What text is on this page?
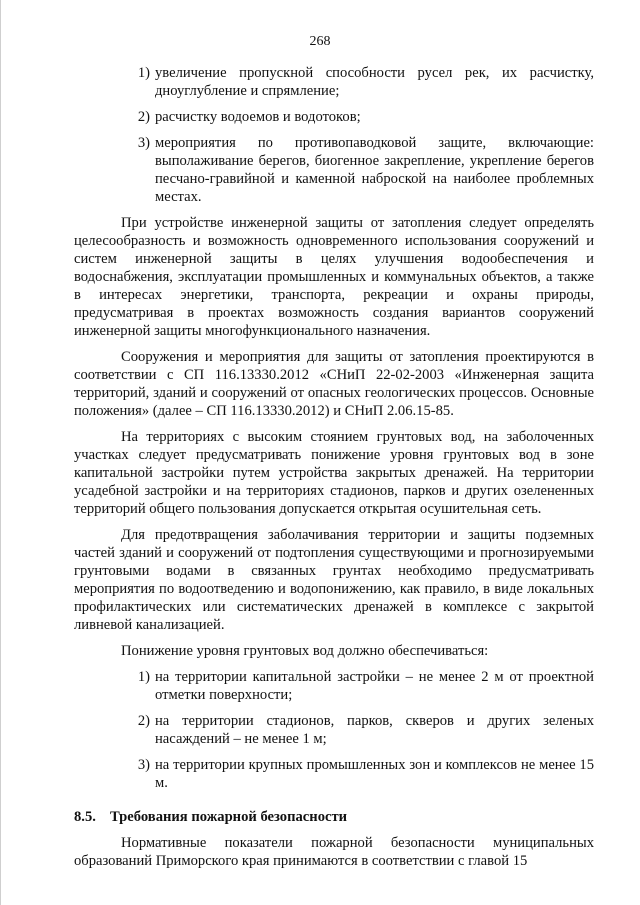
268
1) увеличение пропускной способности русел рек, их расчистку, дноуглубление и спрямление;
2) расчистку водоемов и водотоков;
3) мероприятия по противопаводковой защите, включающие: выполаживание берегов, биогенное закрепление, укрепление берегов песчано-гравийной и каменной наброской на наиболее проблемных местах.

При устройстве инженерной защиты от затопления следует определять целесообразность и возможность одновременного использования сооружений и систем инженерной защиты в целях улучшения водообеспечения и водоснабжения, эксплуатации промышленных и коммунальных объектов, а также в интересах энергетики, транспорта, рекреации и охраны природы, предусматривая в проектах возможность создания вариантов сооружений инженерной защиты многофункционального назначения.

Сооружения и мероприятия для защиты от затопления проектируются в соответствии с СП 116.13330.2012 «СНиП 22-02-2003 «Инженерная защита территорий, зданий и сооружений от опасных геологических процессов. Основные положения» (далее – СП 116.13330.2012) и СНиП 2.06.15-85.

На территориях с высоким стоянием грунтовых вод, на заболоченных участках следует предусматривать понижение уровня грунтовых вод в зоне капитальной застройки путем устройства закрытых дренажей. На территории усадебной застройки и на территориях стадионов, парков и других озелененных территорий общего пользования допускается открытая осушительная сеть.

Для предотвращения заболачивания территории и защиты подземных частей зданий и сооружений от подтопления существующими и прогнозируемыми грунтовыми водами в связанных грунтах необходимо предусматривать мероприятия по водоотведению и водопонижению, как правило, в виде локальных профилактических или систематических дренажей в комплексе с закрытой ливневой канализацией.

Понижение уровня грунтовых вод должно обеспечиваться:

1) на территории капитальной застройки – не менее 2 м от проектной отметки поверхности;
2) на территории стадионов, парков, скверов и других зеленых насаждений – не менее 1 м;
3) на территории крупных промышленных зон и комплексов не менее 15 м.
8.5. Требования пожарной безопасности

Нормативные показатели пожарной безопасности муниципальных образований Приморского края принимаются в соответствии с главой 15
